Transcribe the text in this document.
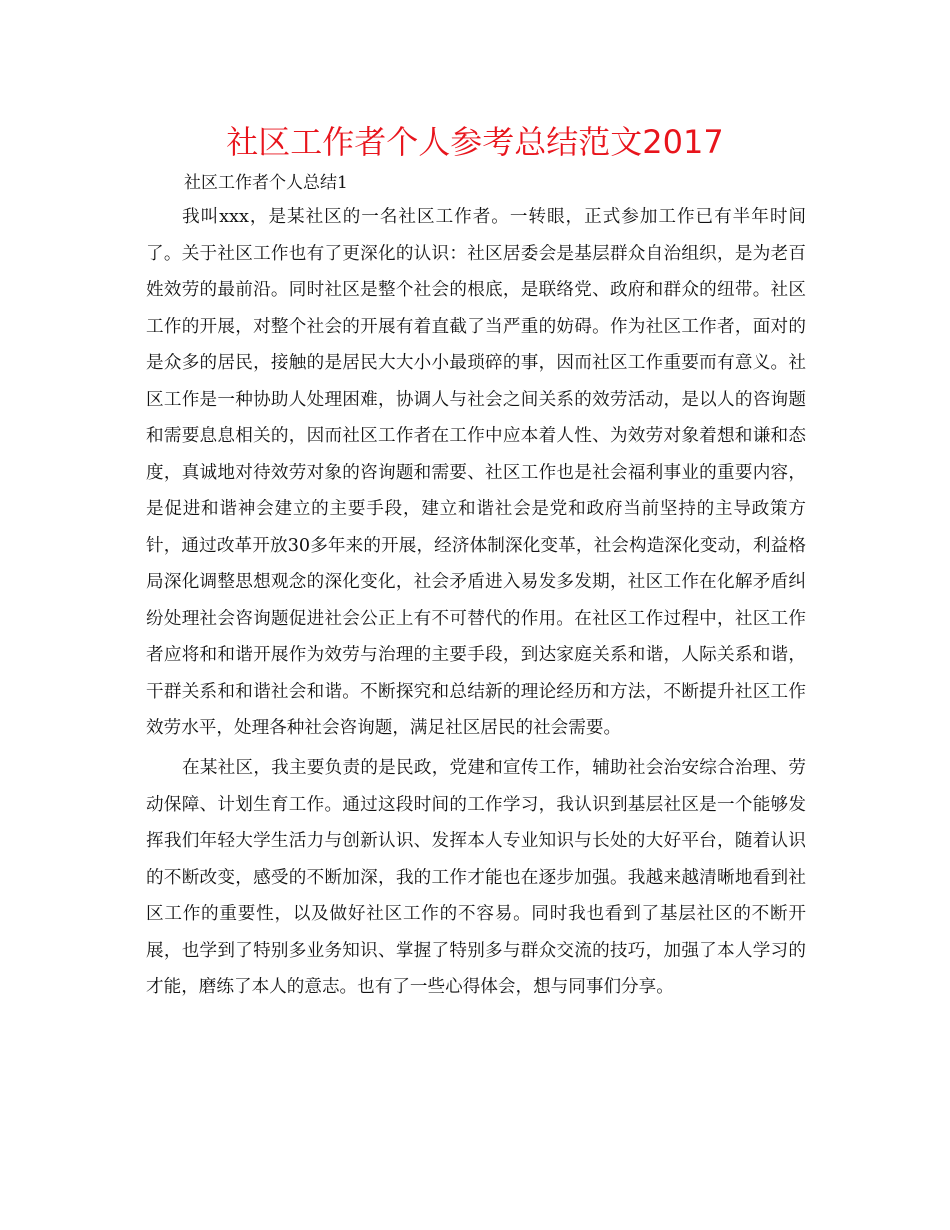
社区工作者个人参考总结范文2017

社区工作者个人总结1

我叫xxx，是某社区的一名社区工作者。一转眼，正式参加工作已有半年时间了。关于社区工作也有了更深化的认识：社区居委会是基层群众自治组织，是为老百姓效劳的最前沿。同时社区是整个社会的根底，是联络党、政府和群众的纽带。社区工作的开展，对整个社会的开展有着直截了当严重的妨碍。作为社区工作者，面对的是众多的居民，接触的是居民大大小小最琐碎的事，因而社区工作重要而有意义。社区工作是一种协助人处理困难，协调人与社会之间关系的效劳活动，是以人的咨询题和需要息息相关的，因而社区工作者在工作中应本着人性、为效劳对象着想和谦和态度，真诚地对待效劳对象的咨询题和需要、社区工作也是社会福利事业的重要内容，是促进和谐神会建立的主要手段，建立和谐社会是党和政府当前坚持的主导政策方针，通过改革开放30多年来的开展，经济体制深化变革，社会构造深化变动，利益格局深化调整思想观念的深化变化，社会矛盾进入易发多发期，社区工作在化解矛盾纠纷处理社会咨询题促进社会公正上有不可替代的作用。在社区工作过程中，社区工作者应将和和谐开展作为效劳与治理的主要手段，到达家庭关系和谐，人际关系和谐，干群关系和和谐社会和谐。不断探究和总结新的理论经历和方法，不断提升社区工作效劳水平，处理各种社会咨询题，满足社区居民的社会需要。

在某社区，我主要负责的是民政，党建和宣传工作，辅助社会治安综合治理、劳动保障、计划生育工作。通过这段时间的工作学习，我认识到基层社区是一个能够发挥我们年轻大学生活力与创新认识、发挥本人专业知识与长处的大好平台，随着认识的不断改变，感受的不断加深，我的工作才能也在逐步加强。我越来越清晰地看到社区工作的重要性，以及做好社区工作的不容易。同时我也看到了基层社区的不断开展，也学到了特别多业务知识、掌握了特别多与群众交流的技巧，加强了本人学习的才能，磨练了本人的意志。也有了一些心得体会，想与同事们分享。
